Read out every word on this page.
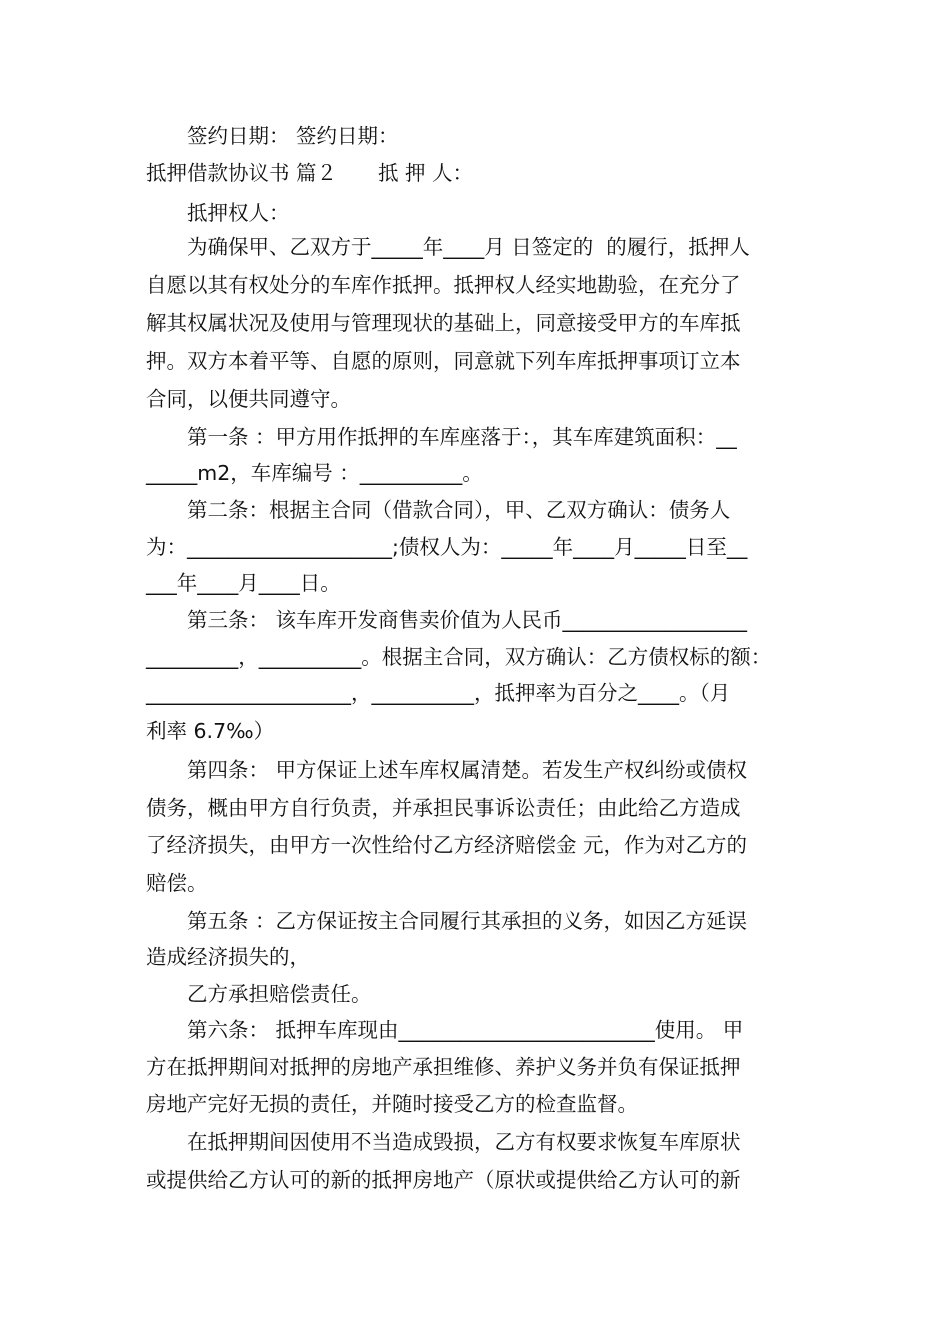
　　签约日期： 签约日期：
抵押借款协议书 篇２　　抵 押 人：
　　抵押权人：
　　为确保甲、乙双方于_____年____月 日签定的  的履行，抵押人
自愿以其有权处分的车库作抵押。抵押权人经实地勘验，在充分了
解其权属状况及使用与管理现状的基础上，同意接受甲方的车库抵
押。双方本着平等、自愿的原则，同意就下列车库抵押事项订立本
合同，以便共同遵守。
　　第一条 ：甲方用作抵押的车库座落于：，其车库建筑面积：__
_____m2，车库编号 ：__________。
　　第二条：根据主合同（借款合同），甲、乙双方确认：债务人
为：____________________;债权人为：_____年____月_____日至__
___年____月____日。
　　第三条： 该车库开发商售卖价值为人民币__________________
_________，__________。根据主合同，双方确认：乙方债权标的额：
____________________，__________，抵押率为百分之____。（月
利率 6.7‰）
　　第四条： 甲方保证上述车库权属清楚。若发生产权纠纷或债权
债务，概由甲方自行负责，并承担民事诉讼责任；由此给乙方造成
了经济损失，由甲方一次性给付乙方经济赔偿金 元，作为对乙方的
赔偿。
　　第五条 ：乙方保证按主合同履行其承担的义务，如因乙方延误
造成经济损失的，
　　乙方承担赔偿责任。
　　第六条： 抵押车库现由_________________________使用。 甲
方在抵押期间对抵押的房地产承担维修、养护义务并负有保证抵押
房地产完好无损的责任，并随时接受乙方的检查监督。
　　在抵押期间因使用不当造成毁损，乙方有权要求恢复车库原状
或提供给乙方认可的新的抵押房地产（原状或提供给乙方认可的新
